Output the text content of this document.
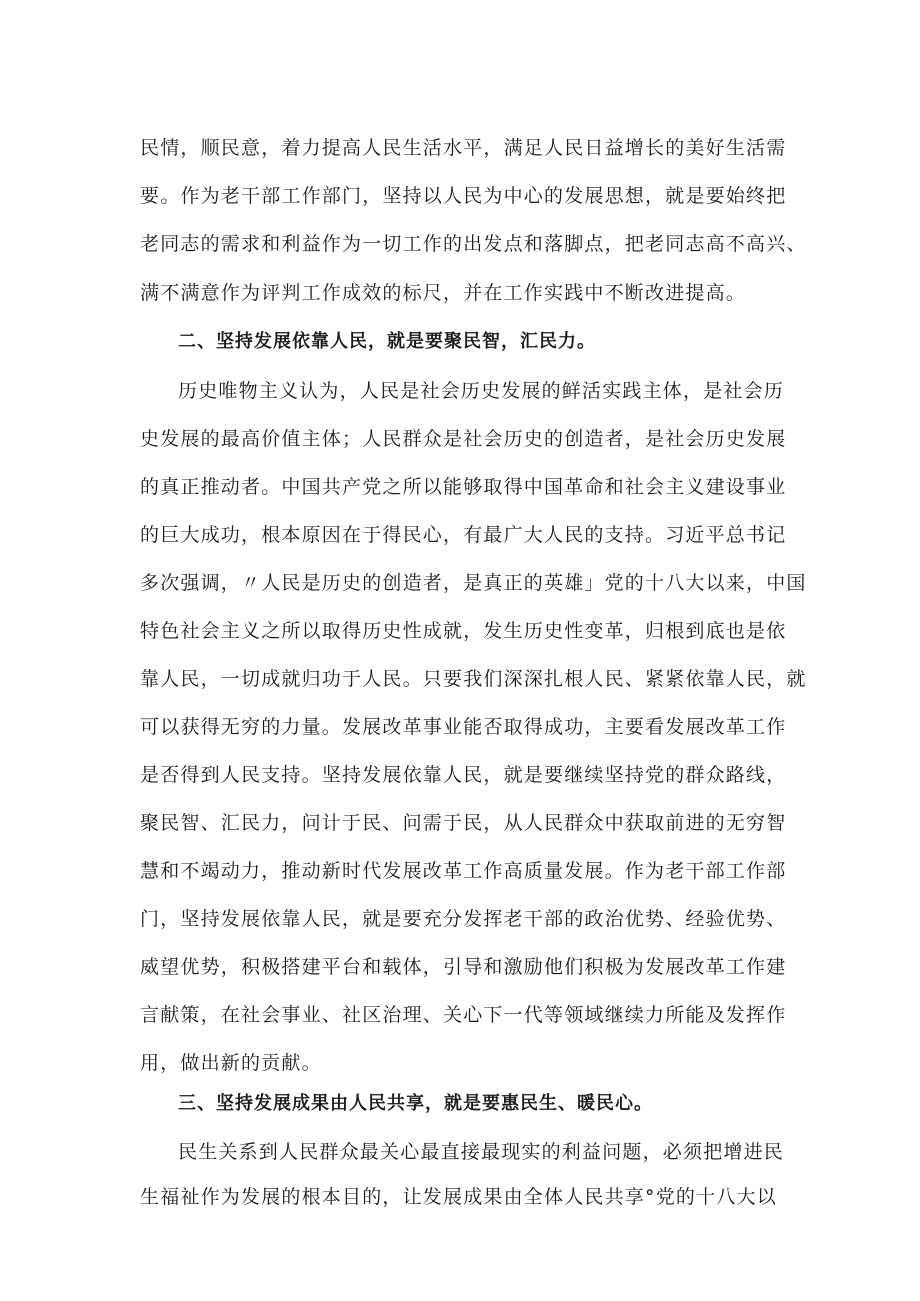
民情，顺民意，着力提高人民生活水平，满足人民日益增长的美好生活需
要。作为老干部工作部门，坚持以人民为中心的发展思想，就是要始终把
老同志的需求和利益作为一切工作的出发点和落脚点，把老同志高不高兴、
满不满意作为评判工作成效的标尺，并在工作实践中不断改进提高。
二、坚持发展依靠人民，就是要聚民智，汇民力。
历史唯物主义认为，人民是社会历史发展的鲜活实践主体，是社会历
史发展的最高价值主体；人民群众是社会历史的创造者，是社会历史发展
的真正推动者。中国共产党之所以能够取得中国革命和社会主义建设事业
的巨大成功，根本原因在于得民心，有最广大人民的支持。习近平总书记
多次强调，〃人民是历史的创造者，是真正的英雄」党的十八大以来，中国
特色社会主义之所以取得历史性成就，发生历史性变革，归根到底也是依
靠人民，一切成就归功于人民。只要我们深深扎根人民、紧紧依靠人民，就
可以获得无穷的力量。发展改革事业能否取得成功，主要看发展改革工作
是否得到人民支持。坚持发展依靠人民，就是要继续坚持党的群众路线，
聚民智、汇民力，问计于民、问需于民，从人民群众中获取前进的无穷智
慧和不竭动力，推动新时代发展改革工作高质量发展。作为老干部工作部
门，坚持发展依靠人民，就是要充分发挥老干部的政治优势、经验优势、
威望优势，积极搭建平台和载体，引导和激励他们积极为发展改革工作建
言献策，在社会事业、社区治理、关心下一代等领域继续力所能及发挥作
用，做出新的贡献。
三、坚持发展成果由人民共享，就是要惠民生、暖民心。
民生关系到人民群众最关心最直接最现实的利益问题，必须把增进民
生福祉作为发展的根本目的，让发展成果由全体人民共享°党的十八大以
